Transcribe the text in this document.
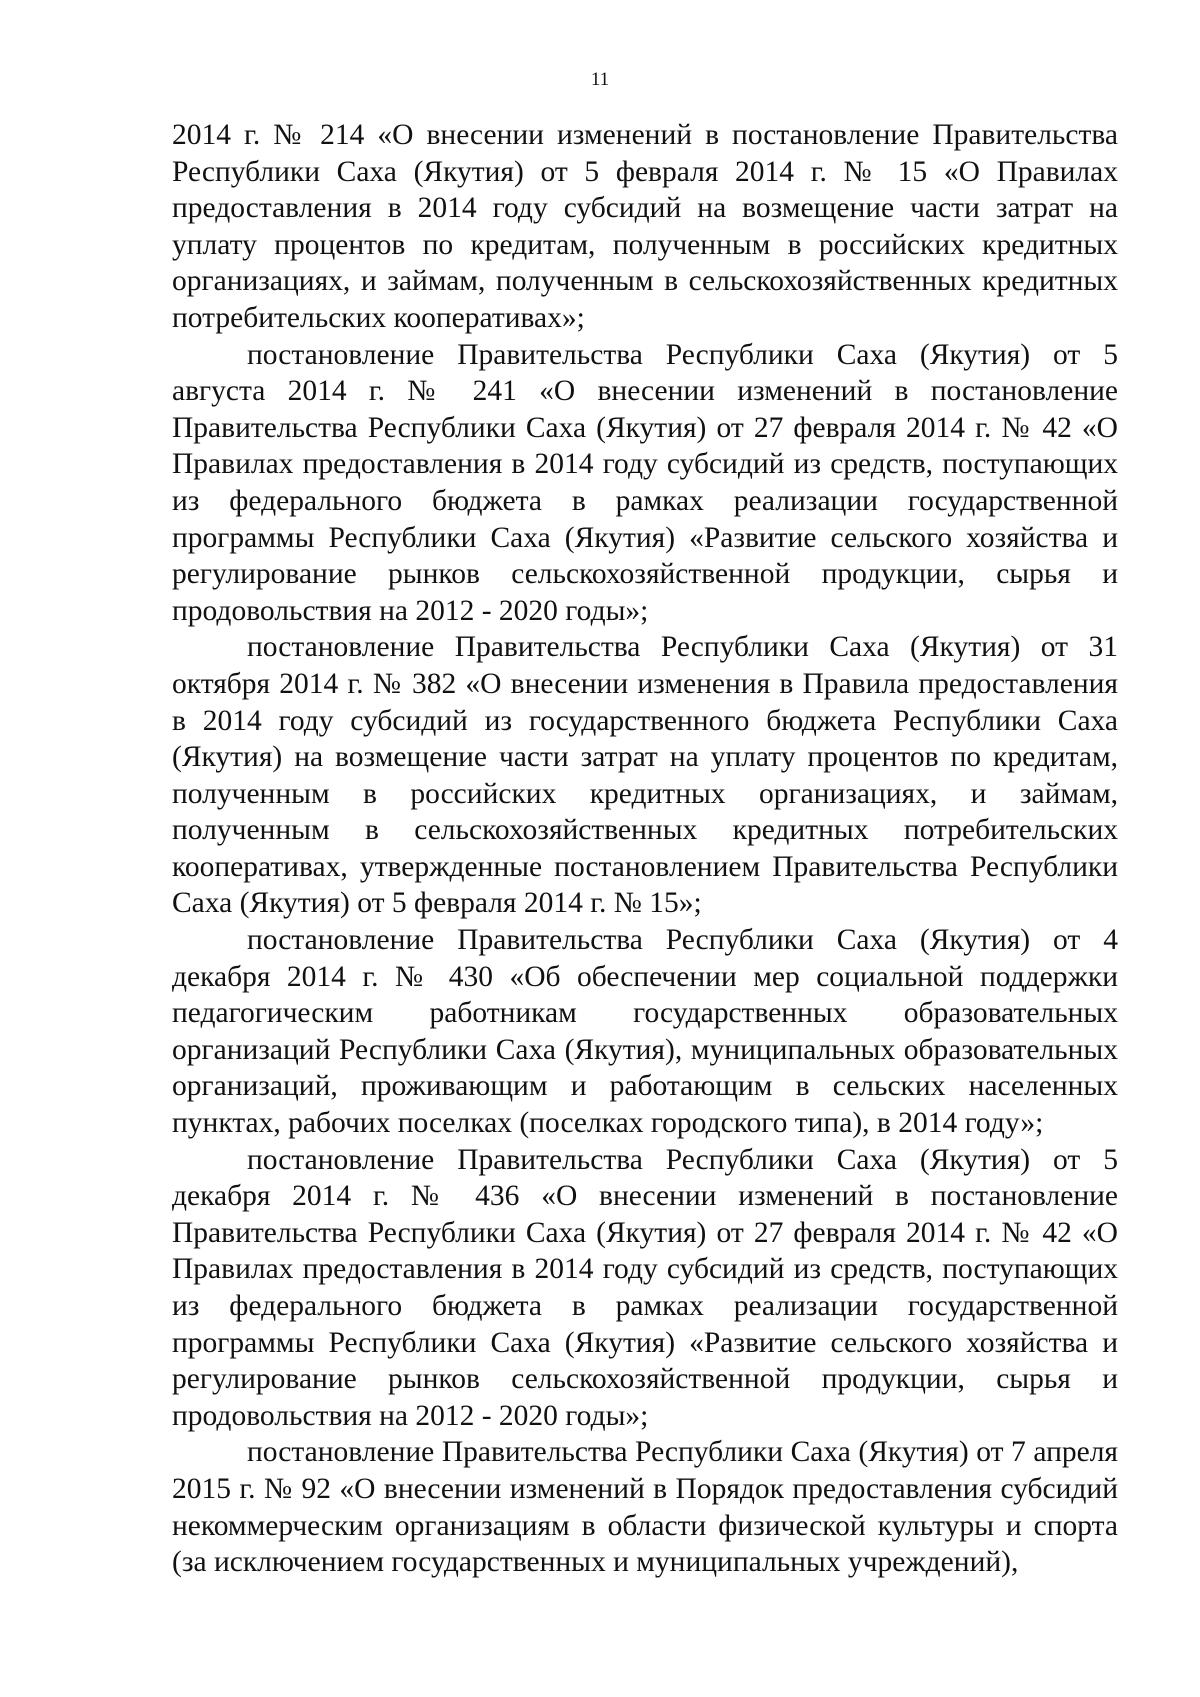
11

2014 г. № 214 «О внесении изменений в постановление Правительства Республики Саха (Якутия) от 5 февраля 2014 г. № 15 «О Правилах предоставления в 2014 году субсидий на возмещение части затрат на уплату процентов по кредитам, полученным в российских кредитных организациях, и займам, полученным в сельскохозяйственных кредитных потребительских кооперативах»;

постановление Правительства Республики Саха (Якутия) от 5 августа 2014 г. № 241 «О внесении изменений в постановление Правительства Республики Саха (Якутия) от 27 февраля 2014 г. № 42 «О Правилах предоставления в 2014 году субсидий из средств, поступающих из федерального бюджета в рамках реализации государственной программы Республики Саха (Якутия) «Развитие сельского хозяйства и регулирование рынков сельскохозяйственной продукции, сырья и продовольствия на 2012 - 2020 годы»;

постановление Правительства Республики Саха (Якутия) от 31 октября 2014 г. № 382 «О внесении изменения в Правила предоставления в 2014 году субсидий из государственного бюджета Республики Саха (Якутия) на возмещение части затрат на уплату процентов по кредитам, полученным в российских кредитных организациях, и займам, полученным в сельскохозяйственных кредитных потребительских кооперативах, утвержденные постановлением Правительства Республики Саха (Якутия) от 5 февраля 2014 г. № 15»;

постановление Правительства Республики Саха (Якутия) от 4 декабря 2014 г. № 430 «Об обеспечении мер социальной поддержки педагогическим работникам государственных образовательных организаций Республики Саха (Якутия), муниципальных образовательных организаций, проживающим и работающим в сельских населенных пунктах, рабочих поселках (поселках городского типа), в 2014 году»;

постановление Правительства Республики Саха (Якутия) от 5 декабря 2014 г. № 436 «О внесении изменений в постановление Правительства Республики Саха (Якутия) от 27 февраля 2014 г. № 42 «О Правилах предоставления в 2014 году субсидий из средств, поступающих из федерального бюджета в рамках реализации государственной программы Республики Саха (Якутия) «Развитие сельского хозяйства и регулирование рынков сельскохозяйственной продукции, сырья и продовольствия на 2012 - 2020 годы»;

постановление Правительства Республики Саха (Якутия) от 7 апреля 2015 г. № 92 «О внесении изменений в Порядок предоставления субсидий некоммерческим организациям в области физической культуры и спорта (за исключением государственных и муниципальных учреждений),
